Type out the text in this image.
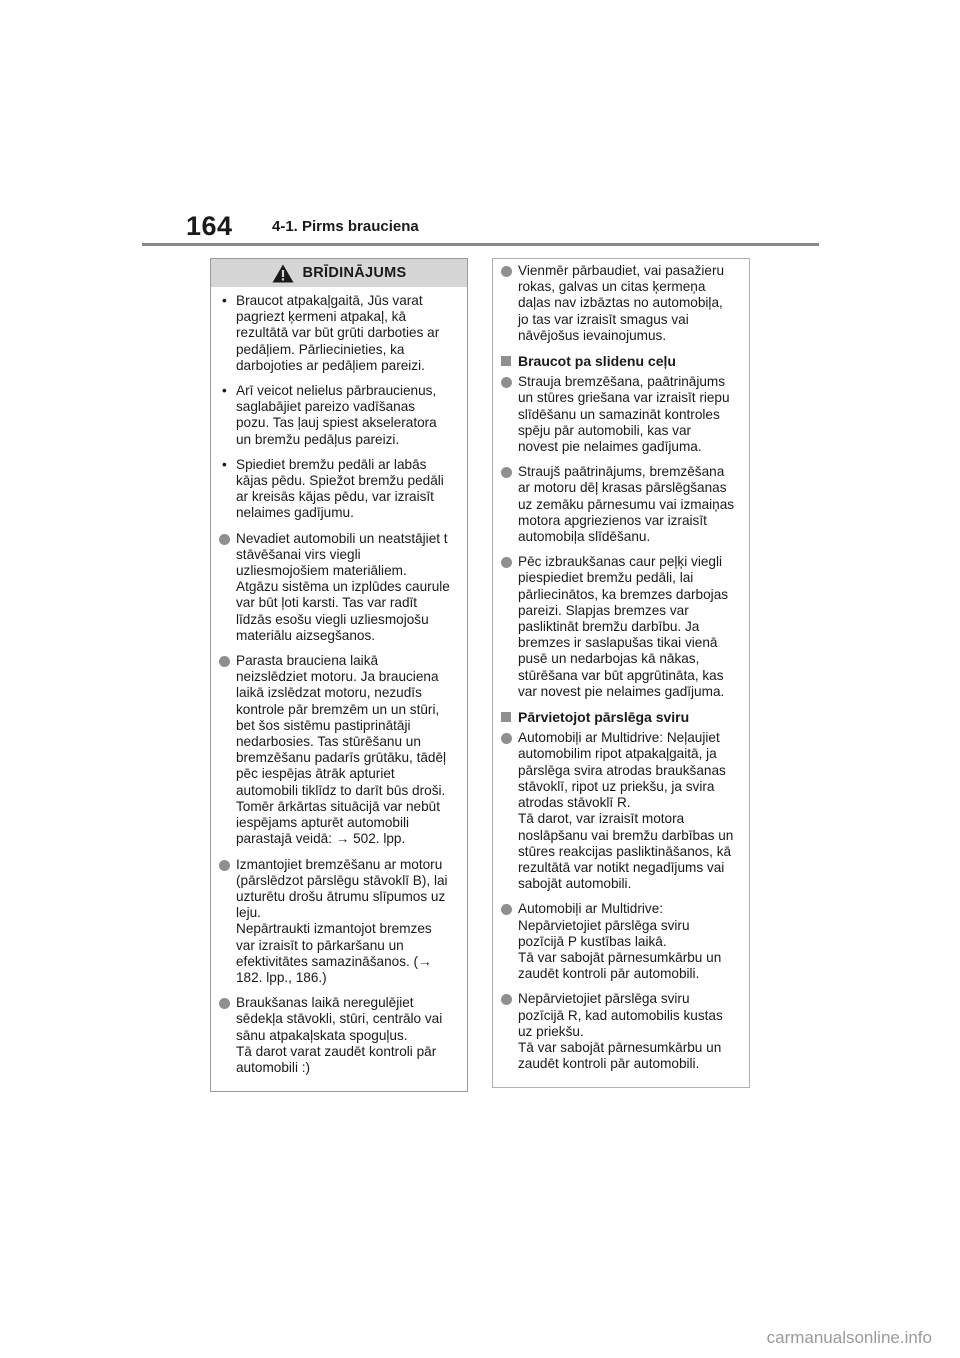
164	4-1. Pirms brauciena
BRĪDINĀJUMS
• Braucot atpakaļgaitā, Jūs varat
pagriezt ķermeni atpakaļ, kā
rezultātā var būt grūti darboties ar
pedāļiem. Pārliecinieties, ka
darbojoties ar pedāļiem pareizi.
• Arī veicot nelielus pārbraucienus,
saglabājiet pareizo vadīšanas
pozu. Tas ļauj spiest akseleratora
un bremžu pedāļus pareizi.
• Spiediet bremžu pedāli ar labās
kājas pēdu. Spiežot bremžu pedāli
ar kreisās kājas pēdu, var izraisīt
nelaimes gadījumu.
Nevadiet automobili un neatstājiet t
stāvēšanai virs viegli
uzliesmojošiem materiāliem.
Atgāzu sistēma un izplūdes caurule
var būt ļoti karsti. Tas var radīt
līdzās esošu viegli uzliesmojošu
materiālu aizsegšanos.
Parasta brauciena laikā
neizslēdziet motoru. Ja brauciena
laikā izslēdzat motoru, nezudīs
kontrole pār bremzēm un un stūri,
bet šos sistēmu pastiprinātāji
nedarbosies. Tas stūrēšanu un
bremzēšanu padarīs grūtāku, tādēļ
pēc iespējas ātrāk apturiet
automobili tiklīdz to darīt būs droši.
Tomēr ārkārtas situācijā var nebūt
iespējams apturēt automobili
parastajā veidā: → 502. lpp.
Izmantojiet bremzēšanu ar motoru
(pārslēdzot pārslēgu stāvoklī B), lai
uzturētu drošu ātrumu slīpumos uz
leju.
Nepārtraukti izmantojot bremzes
var izraisīt to pārkaršanu un
efektivitātes samazināšanos. (→
182. lpp., 186.)
Braukšanas laikā neregulējiet
sēdekļa stāvokli, stūri, centrālo vai
sānu atpakaļskata spoguļus.
Tā darot varat zaudēt kontroli pār
automobili :)
Vienmēr pārbaudiet, vai pasažieru
rokas, galvas un citas ķermeņa
daļas nav izbāztas no automobiļa,
jo tas var izraisīt smagus vai
nāvējošus ievainojumus.
Braucot pa slidenu ceļu
Strauja bremzēšana, paātrinājums
un stūres griešana var izraisīt riepu
slīdēšanu un samazināt kontroles
spēju pār automobili, kas var
novest pie nelaimes gadījuma.
Straujš paātrinājums, bremzēšana
ar motoru dēļ krasas pārslēgšanas
uz zemāku pārnesumu vai izmaiņas
motora apgriezienos var izraisīt
automobiļa slīdēšanu.
Pēc izbraukšanas caur peļķi viegli
piespiediet bremžu pedāli, lai
pārliecinātos, ka bremzes darbojas
pareizi. Slapjas bremzes var
pasliktināt bremžu darbību. Ja
bremzes ir saslapušas tikai vienā
pusē un nedarbojas kā nākas,
stūrēšana var būt apgrūtināta, kas
var novest pie nelaimes gadījuma.
Pārvietojot pārslēga sviru
Automobiļi ar Multidrive: Neļaujiet
automobilim ripot atpakaļgaitā, ja
pārslēga svira atrodas braukšanas
stāvoklī, ripot uz priekšu, ja svira
atrodas stāvoklī R.
Tā darot, var izraisīt motora
noslāpšanu vai bremžu darbības un
stūres reakcijas pasliktināšanos, kā
rezultātā var notikt negadījums vai
sabojāt automobili.
Automobiļi ar Multidrive:
Nepārvietojiet pārslēga sviru
pozīcijā P kustības laikā.
Tā var sabojāt pārnesumkārbu un
zaudēt kontroli pār automobili.
Nepārvietojiet pārslēga sviru
pozīcijā R, kad automobilis kustas
uz priekšu.
Tā var sabojāt pārnesumkārbu un
zaudēt kontroli pār automobili.
carmanualsonline.info
